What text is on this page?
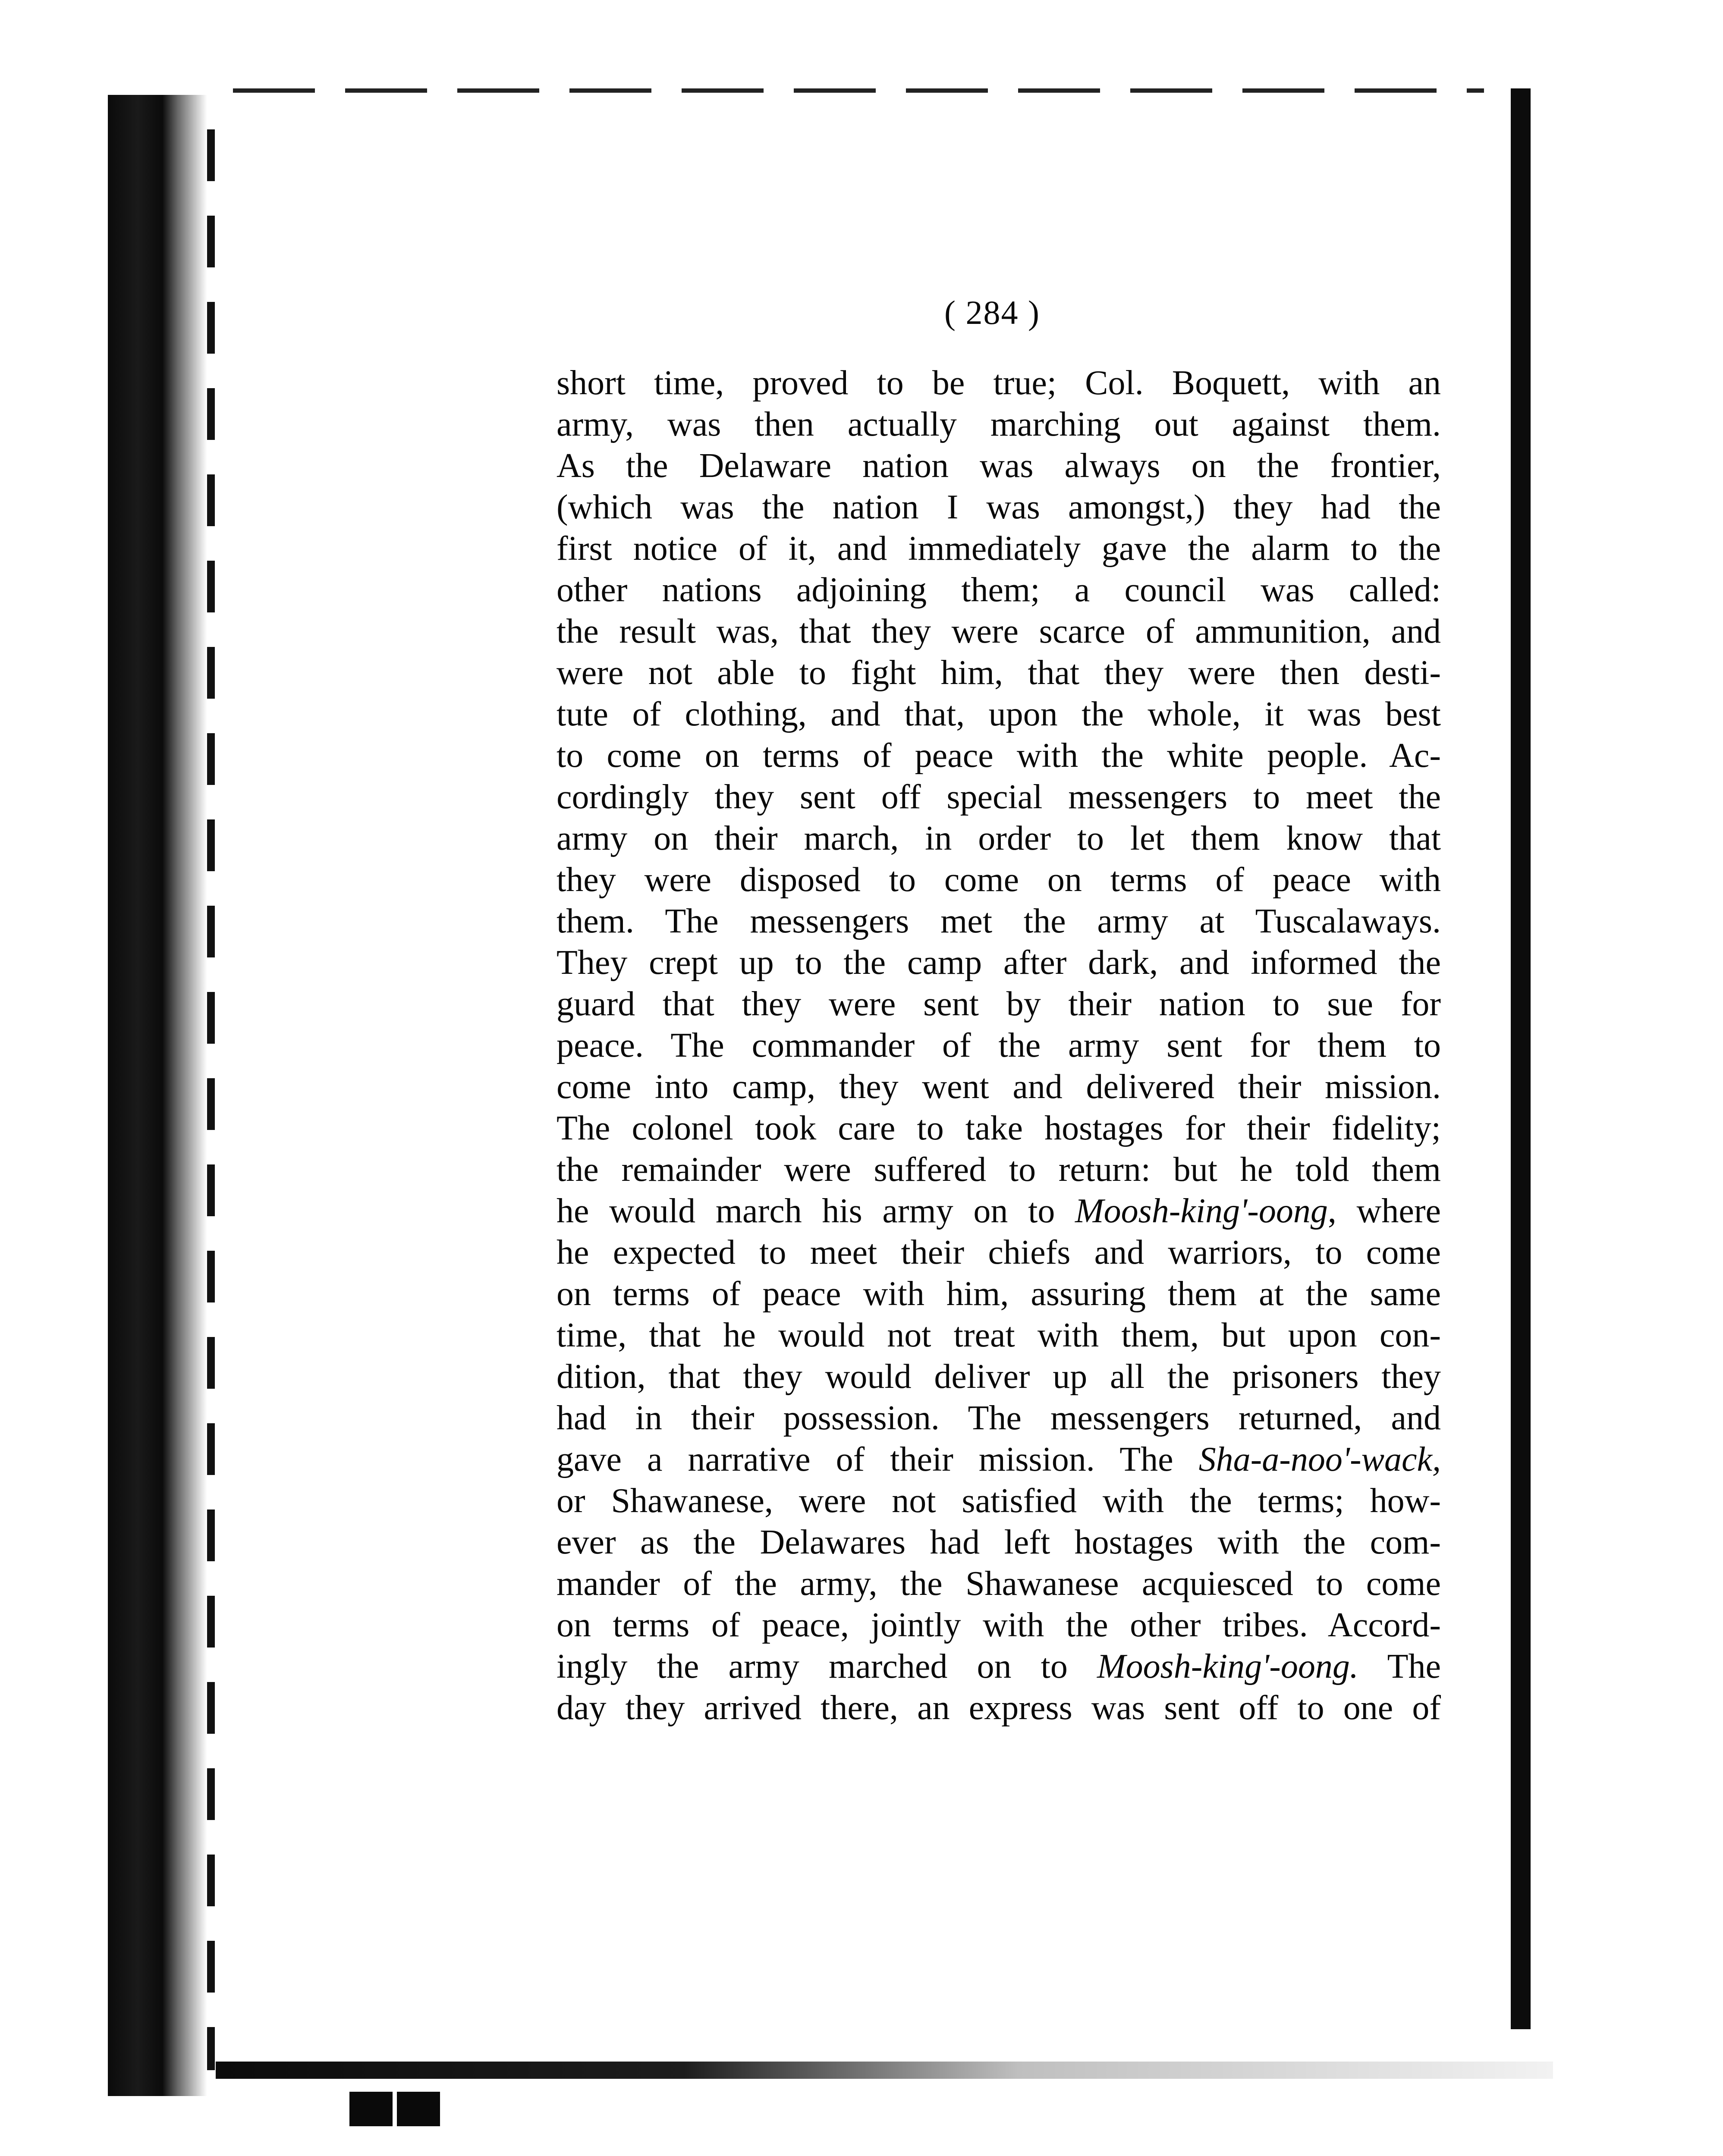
( 284 )
short time, proved to be true; Col. Boquett, with an
army, was then actually marching out against them.
As the Delaware nation was always on the frontier,
(which was the nation I was amongst,) they had the
first notice of it, and immediately gave the alarm to the
other nations adjoining them; a council was called:
the result was, that they were scarce of ammunition, and
were not able to fight him, that they were then desti-
tute of clothing, and that, upon the whole, it was best
to come on terms of peace with the white people. Ac-
cordingly they sent off special messengers to meet the
army on their march, in order to let them know that
they were disposed to come on terms of peace with
them. The messengers met the army at Tuscalaways.
They crept up to the camp after dark, and informed the
guard that they were sent by their nation to sue for
peace. The commander of the army sent for them to
come into camp, they went and delivered their mission.
The colonel took care to take hostages for their fidelity;
the remainder were suffered to return: but he told them
he would march his army on to Moosh-king'-oong, where
he expected to meet their chiefs and warriors, to come
on terms of peace with him, assuring them at the same
time, that he would not treat with them, but upon con-
dition, that they would deliver up all the prisoners they
had in their possession. The messengers returned, and
gave a narrative of their mission. The Sha-a-noo'-wack,
or Shawanese, were not satisfied with the terms; how-
ever as the Delawares had left hostages with the com-
mander of the army, the Shawanese acquiesced to come
on terms of peace, jointly with the other tribes. Accord-
ingly the army marched on to Moosh-king'-oong. The
day they arrived there, an express was sent off to one of
